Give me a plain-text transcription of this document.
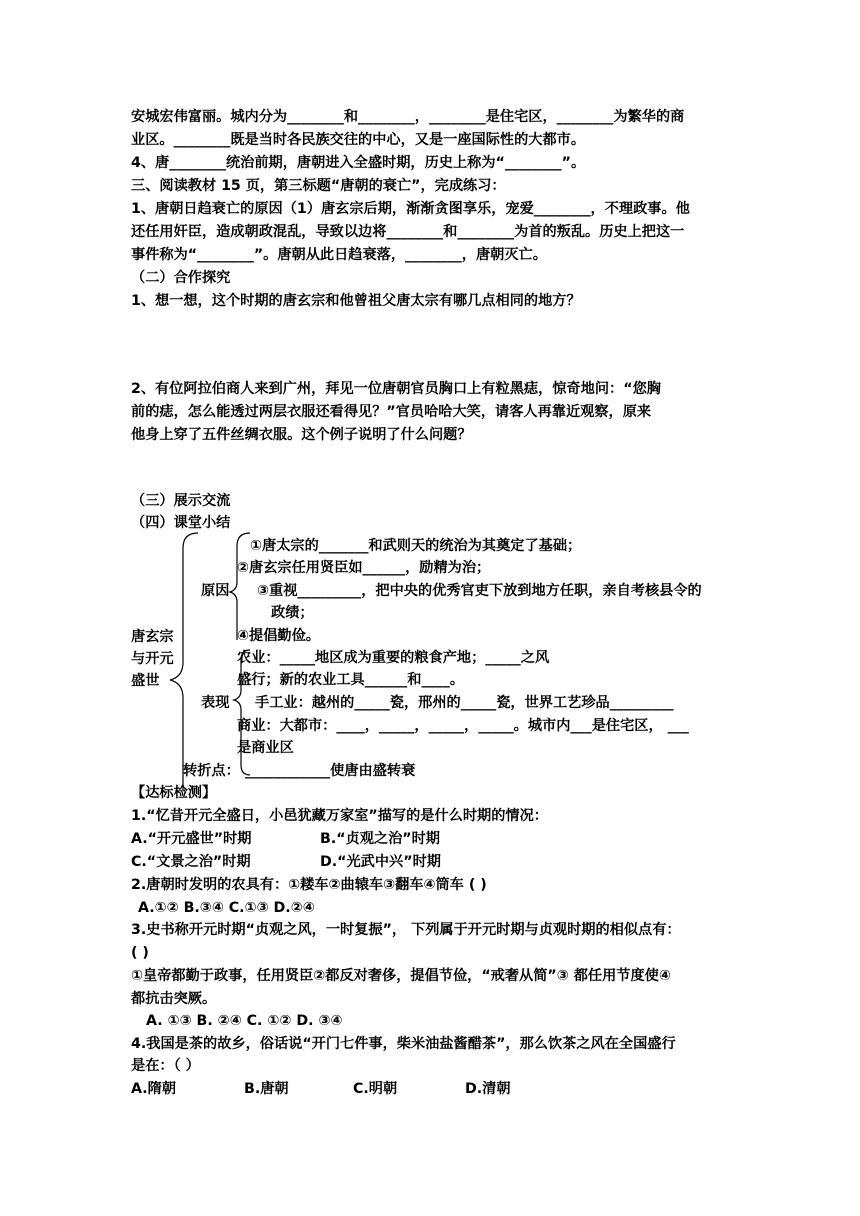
安城宏伟富丽。城内分为________和________，________是住宅区，________为繁华的商
业区。________既是当时各民族交往的中心，又是一座国际性的大都市。
4、唐________统治前期，唐朝进入全盛时期，历史上称为“________”。
三、阅读教材 15 页，第三标题“唐朝的衰亡”，完成练习：
1、唐朝日趋衰亡的原因（1）唐玄宗后期，渐渐贪图享乐，宠爱________，不理政事。他
还任用奸臣，造成朝政混乱，导致以边将________和________为首的叛乱。历史上把这一
事件称为“________”。唐朝从此日趋衰落，________，唐朝灭亡。
（二）合作探究
1、想一想，这个时期的唐玄宗和他曾祖父唐太宗有哪几点相同的地方？
2、有位阿拉伯商人来到广州，拜见一位唐朝官员胸口上有粒黑痣，惊奇地问：“您胸
前的痣，怎么能透过两层衣服还看得见？”官员哈哈大笑，请客人再靠近观察，原来
他身上穿了五件丝绸衣服。这个例子说明了什么问题？
（三）展示交流
（四）课堂小结
唐玄宗
与开元
盛世
原因
①唐太宗的_______和武则天的统治为其奠定了基础；
②唐玄宗任用贤臣如______，励精为治；
③重视_________，把中央的优秀官吏下放到地方任职，亲自考核县令的
政绩；
④提倡勤俭。
表现
农业：_____地区成为重要的粮食产地；_____之风
盛行；新的农业工具______和____。
手工业：越州的_____瓷，邢州的_____瓷，世界工艺珍品_________
商业：大都市：____，_____，_____，_____。城市内___是住宅区， ___
是商业区
转折点： ____________使唐由盛转衰
【达标检测】
1.“忆昔开元全盛日，小邑犹藏万家室”描写的是什么时期的情况：
A.“开元盛世”时期	B.“贞观之治”时期
C.“文景之治”时期	D.“光武中兴”时期
2.唐朝时发明的农具有：①耧车②曲辕车③翻车④筒车 ( )
A.①② B.③④ C.①③ D.②④
3.史书称开元时期“贞观之风，一时复振”， 下列属于开元时期与贞观时期的相似点有：
( )
①皇帝都勤于政事，任用贤臣②都反对奢侈，提倡节俭，“戒奢从简”③ 都任用节度使④
都抗击突厥。
A. ①③ B. ②④ C. ①② D. ③④
4.我国是茶的故乡，俗话说“开门七件事，柴米油盐酱醋茶”，那么饮茶之风在全国盛行
是在：（ ）
A.隋朝	B.唐朝	C.明朝	D.清朝
